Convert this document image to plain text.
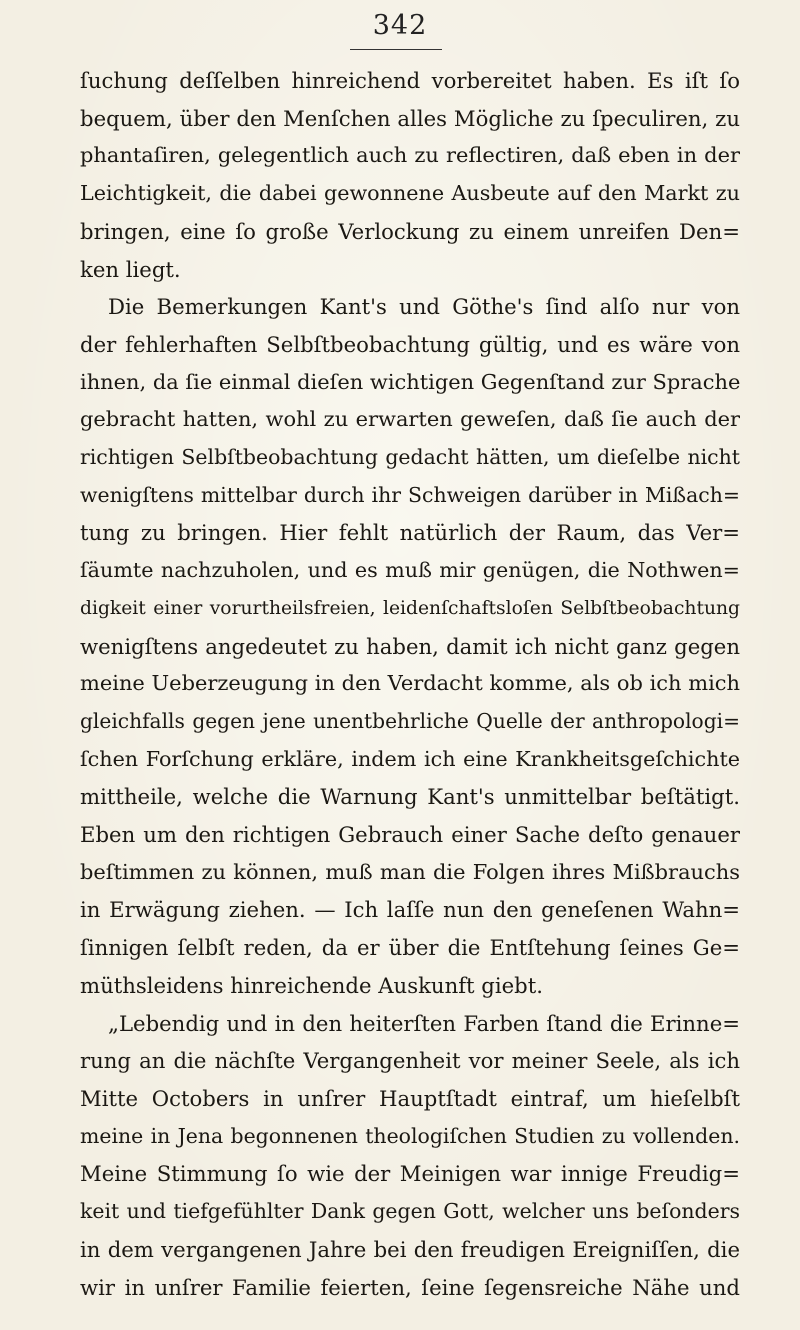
342
ſuchung deſſelben hinreichend vorbereitet haben. Es iſt ſo
bequem, über den Menſchen alles Mögliche zu ſpeculiren, zu
phantaſiren, gelegentlich auch zu reflectiren, daß eben in der
Leichtigkeit, die dabei gewonnene Ausbeute auf den Markt zu
bringen, eine ſo große Verlockung zu einem unreifen Den=
ken liegt.
Die Bemerkungen Kant's und Göthe's ſind alſo nur von
der fehlerhaften Selbſtbeobachtung gültig, und es wäre von
ihnen, da ſie einmal dieſen wichtigen Gegenſtand zur Sprache
gebracht hatten, wohl zu erwarten geweſen, daß ſie auch der
richtigen Selbſtbeobachtung gedacht hätten, um dieſelbe nicht
wenigſtens mittelbar durch ihr Schweigen darüber in Mißach=
tung zu bringen. Hier fehlt natürlich der Raum, das Ver=
ſäumte nachzuholen, und es muß mir genügen, die Nothwen=
digkeit einer vorurtheilsfreien, leidenſchaftsloſen Selbſtbeobachtung
wenigſtens angedeutet zu haben, damit ich nicht ganz gegen
meine Ueberzeugung in den Verdacht komme, als ob ich mich
gleichfalls gegen jene unentbehrliche Quelle der anthropologi=
ſchen Forſchung erkläre, indem ich eine Krankheitsgeſchichte
mittheile, welche die Warnung Kant's unmittelbar beſtätigt.
Eben um den richtigen Gebrauch einer Sache deſto genauer
beſtimmen zu können, muß man die Folgen ihres Mißbrauchs
in Erwägung ziehen. — Ich laſſe nun den geneſenen Wahn=
ſinnigen ſelbſt reden, da er über die Entſtehung ſeines Ge=
müthsleidens hinreichende Auskunft giebt.
„Lebendig und in den heiterſten Farben ſtand die Erinne=
rung an die nächſte Vergangenheit vor meiner Seele, als ich
Mitte Octobers in unſrer Hauptſtadt eintraf, um hieſelbſt
meine in Jena begonnenen theologiſchen Studien zu vollenden.
Meine Stimmung ſo wie der Meinigen war innige Freudig=
keit und tiefgefühlter Dank gegen Gott, welcher uns beſonders
in dem vergangenen Jahre bei den freudigen Ereigniſſen, die
wir in unſrer Familie feierten, ſeine ſegensreiche Nähe und
